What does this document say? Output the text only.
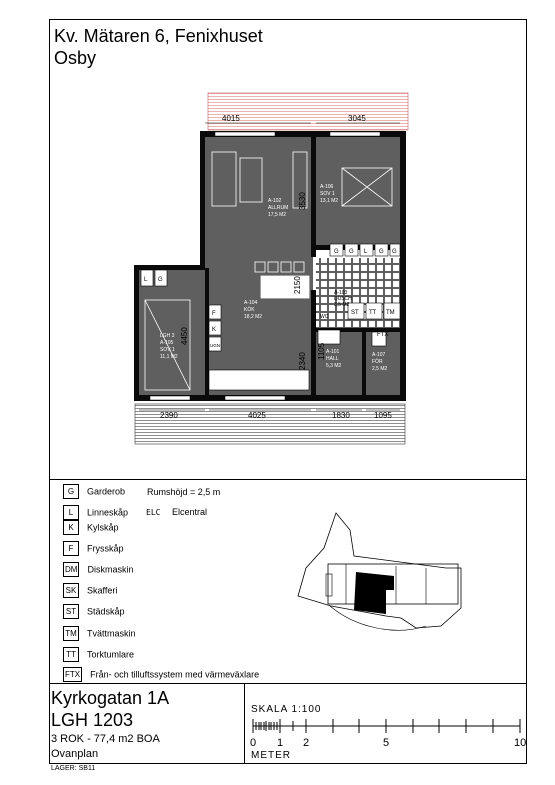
Kv. Mätaren 6, Fenixhuset
Osby
4015	3045
2390	4025	1830	1095
2150
3530
4450
2340
1105
A-102
ALLRUM
17,5 M2
A-106
SOV 1
13,1 M2
A-104
KÖK
18,2 M2
LGH 3
A-105
SOV 1
11,1 M2
A-101
HALL
5,3 M2
A-107
FÖR
2,5 M2
A-103
DUSCH
WC
3,5 M2
G G L G G
ST TT TM
F
K
UGN
L G
FTX
G Garderob
L Linneskåp
K Kylskåp
F Frysskåp
DM Diskmaskin
SK Skafferi
ST Städskåp
TM Tvättmaskin
TT Torktumlare
FTX Från- och tilluftssystem med värmeväxlare
Rumshöjd = 2,5 m
ELC Elcentral
Kyrkogatan 1A
LGH 1203
3 ROK - 77,4 m2 BOA
Ovanplan
LAGER: SB11
SKALA 1:100
0 1 2	5	10
METER
